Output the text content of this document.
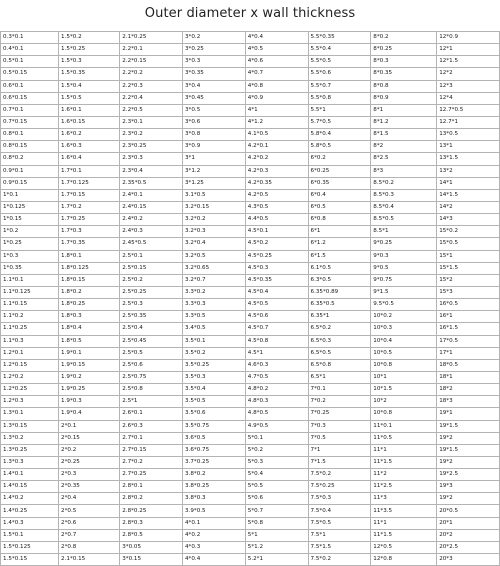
Outer diameter x wall thickness
0.3*0.1	1.5*0.2	2.1*0.25	3*0.2	4*0.4	5.5*0.35	8*0.2	12*0.9
0.4*0.1	1.5*0.25	2.2*0.1	3*0.25	4*0.5	5.5*0.4	8*0.25	12*1
0.5*0.1	1.5*0.3	2.2*0.15	3*0.3	4*0.6	5.5*0.5	8*0.3	12*1.5
0.5*0.15	1.5*0.35	2.2*0.2	3*0.35	4*0.7	5.5*0.6	8*0.35	12*2
0.6*0.1	1.5*0.4	2.2*0.3	3*0.4	4*0.8	5.5*0.7	8*0.8	12*3
0.6*0.15	1.5*0.5	2.2*0.4	3*0.45	4*0.9	5.5*0.8	8*0.9	12*4
0.7*0.1	1.6*0.1	2.2*0.5	3*0.5	4*1	5.5*1	8*1	12.7*0.5
0.7*0.15	1.6*0.15	2.3*0.1	3*0.6	4*1.2	5.7*0.5	8*1.2	12.7*1
0.8*0.1	1.6*0.2	2.3*0.2	3*0.8	4.1*0.5	5.8*0.4	8*1.5	13*0.5
0.8*0.15	1.6*0.3	2.3*0.25	3*0.9	4.2*0.1	5.8*0.5	8*2	13*1
0.8*0.2	1.6*0.4	2.3*0.3	3*1	4.2*0.2	6*0.2	8*2.5	13*1.5
0.9*0.1	1.7*0.1	2.3*0.4	3*1.2	4.2*0.3	6*0.25	8*3	13*2
0.9*0.15	1.7*0.125	2.35*0.5	3*1.25	4.2*0.35	6*0.35	8.5*0.2	14*1
1*0.1	1.7*0.15	2.4*0.1	3.1*0.5	4.2*0.5	6*0.4	8.5*0.3	14*1.5
1*0.125	1.7*0.2	2.4*0.15	3.2*0.15	4.3*0.5	6*0.5	8.5*0.4	14*2
1*0.15	1.7*0.25	2.4*0.2	3.2*0.2	4.4*0.5	6*0.8	8.5*0.5	14*3
1*0.2	1.7*0.3	2.4*0.3	3.2*0.3	4.5*0.1	6*1	8.5*1	15*0.2
1*0.25	1.7*0.35	2.45*0.5	3.2*0.4	4.5*0.2	6*1.2	9*0.25	15*0.5
1*0.3	1.8*0.1	2.5*0.1	3.2*0.5	4.5*0.25	6*1.5	9*0.3	15*1
1*0.35	1.8*0.125	2.5*0.15	3.2*0.65	4.5*0.3	6.1*0.5	9*0.5	15*1.5
1.1*0.1	1.8*0.15	2.5*0.2	3.2*0.7	4.5*0.35	6.3*0.5	9*0.75	15*2
1.1*0.125	1.8*0.2	2.5*0.25	3.3*0.2	4.5*0.4	6.35*0.89	9*1.5	15*3
1.1*0.15	1.8*0.25	2.5*0.3	3.3*0.3	4.5*0.5	6.35*0.5	9.5*0.5	16*0.5
1.1*0.2	1.8*0.3	2.5*0.35	3.3*0.5	4.5*0.6	6.35*1	10*0.2	16*1
1.1*0.25	1.8*0.4	2.5*0.4	3.4*0.5	4.5*0.7	6.5*0.2	10*0.3	16*1.5
1.1*0.3	1.8*0.5	2.5*0.45	3.5*0.1	4.5*0.8	6.5*0.3	10*0.4	17*0.5
1.2*0.1	1.9*0.1	2.5*0.5	3.5*0.2	4.5*1	6.5*0.5	10*0.5	17*1
1.2*0.15	1.9*0.15	2.5*0.6	3.5*0.25	4.6*0.3	6.5*0.8	10*0.8	18*0.5
1.2*0.2	1.9*0.2	2.5*0.75	3.5*0.3	4.7*0.5	6.5*1	10*1	18*1
1.2*0.25	1.9*0.25	2.5*0.8	3.5*0.4	4.8*0.2	7*0.1	10*1.5	18*2
1.2*0.3	1.9*0.3	2.5*1	3.5*0.5	4.8*0.3	7*0.2	10*2	18*3
1.3*0.1	1.9*0.4	2.6*0.1	3.5*0.6	4.8*0.5	7*0.25	10*0.8	19*1
1.3*0.15	2*0.1	2.6*0.3	3.5*0.75	4.9*0.5	7*0.3	11*0.1	19*1.5
1.3*0.2	2*0.15	2.7*0.1	3.6*0.5	5*0.1	7*0.5	11*0.5	19*2
1.3*0.25	2*0.2	2.7*0.15	3.6*0.75	5*0.2	7*1	11*1	19*1.5
1.3*0.3	2*0.25	2.7*0.2	3.7*0.25	5*0.3	7*1.5	11*1.5	19*2
1.4*0.1	2*0.3	2.7*0.25	3.8*0.2	5*0.4	7.5*0.2	11*2	19*2.5
1.4*0.15	2*0.35	2.8*0.1	3.8*0.25	5*0.5	7.5*0.25	11*2.5	19*3
1.4*0.2	2*0.4	2.8*0.2	3.8*0.3	5*0.6	7.5*0.3	11*3	19*2
1.4*0.25	2*0.5	2.8*0.25	3.9*0.5	5*0.7	7.5*0.4	11*3.5	20*0.5
1.4*0.3	2*0.6	2.8*0.3	4*0.1	5*0.8	7.5*0.5	11*1	20*1
1.5*0.1	2*0.7	2.8*0.5	4*0.2	5*1	7.5*1	11*1.5	20*2
1.5*0.125	2*0.8	3*0.05	4*0.3	5*1.2	7.5*1.5	12*0.5	20*2.5
1.5*0.15	2.1*0.15	3*0.15	4*0.4	5.2*1	7.5*0.2	12*0.8	20*3
